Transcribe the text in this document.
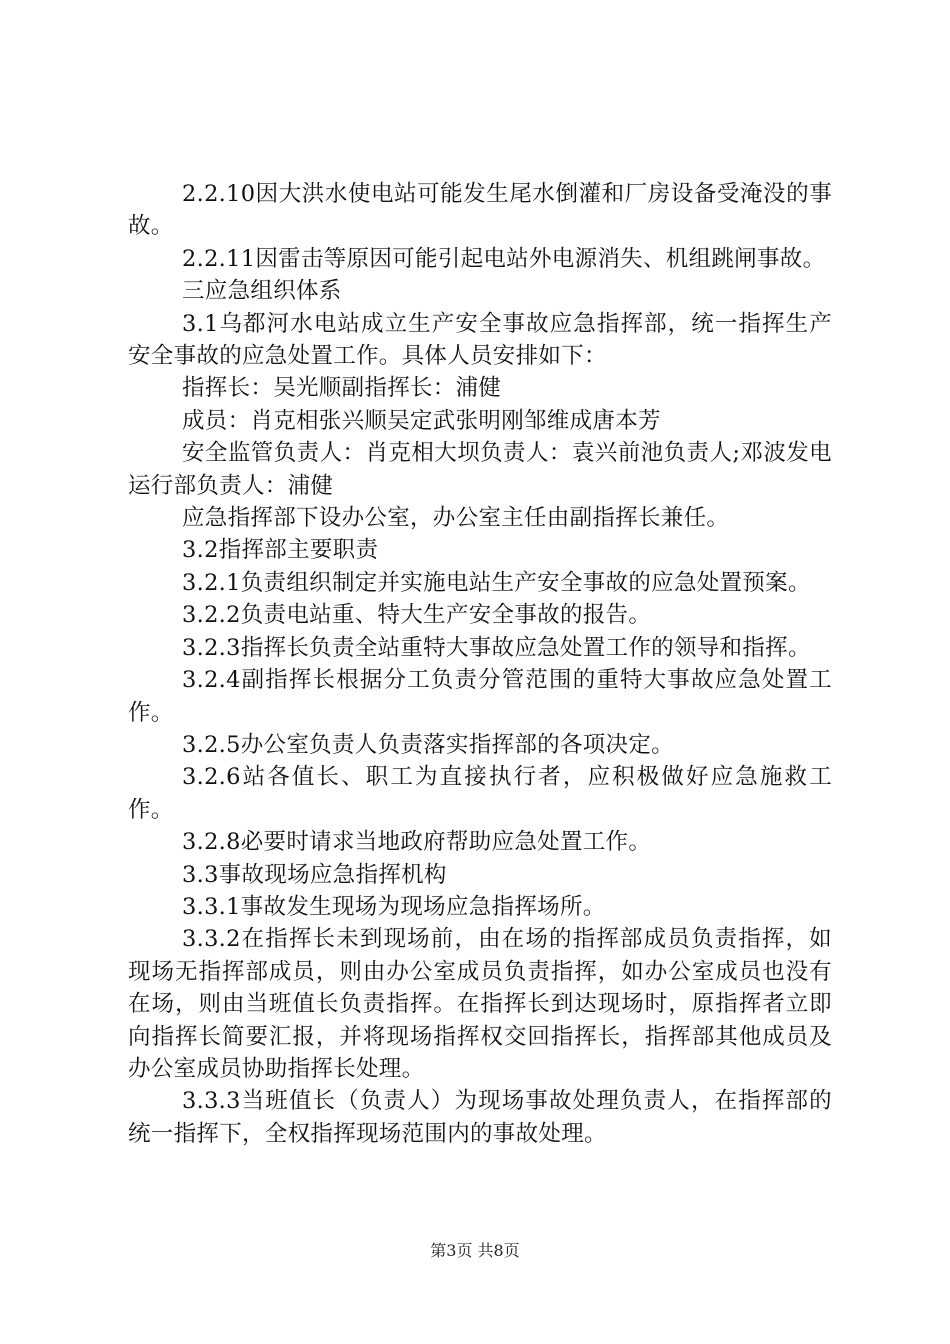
2.2.10因大洪水使电站可能发生尾水倒灌和厂房设备受淹没的事故。

2.2.11因雷击等原因可能引起电站外电源消失、机组跳闸事故。

三应急组织体系

3.1乌都河水电站成立生产安全事故应急指挥部，统一指挥生产安全事故的应急处置工作。具体人员安排如下：

指挥长：吴光顺副指挥长：浦健

成员：肖克相张兴顺吴定武张明刚邹维成唐本芳

安全监管负责人：肖克相大坝负责人：袁兴前池负责人;邓波发电运行部负责人：浦健

应急指挥部下设办公室，办公室主任由副指挥长兼任。

3.2指挥部主要职责

3.2.1负责组织制定并实施电站生产安全事故的应急处置预案。

3.2.2负责电站重、特大生产安全事故的报告。

3.2.3指挥长负责全站重特大事故应急处置工作的领导和指挥。

3.2.4副指挥长根据分工负责分管范围的重特大事故应急处置工作。

3.2.5办公室负责人负责落实指挥部的各项决定。

3.2.6站各值长、职工为直接执行者，应积极做好应急施救工作。

3.2.8必要时请求当地政府帮助应急处置工作。

3.3事故现场应急指挥机构

3.3.1事故发生现场为现场应急指挥场所。

3.3.2在指挥长未到现场前，由在场的指挥部成员负责指挥，如现场无指挥部成员，则由办公室成员负责指挥，如办公室成员也没有在场，则由当班值长负责指挥。在指挥长到达现场时，原指挥者立即向指挥长简要汇报，并将现场指挥权交回指挥长，指挥部其他成员及办公室成员协助指挥长处理。

3.3.3当班值长（负责人）为现场事故处理负责人，在指挥部的统一指挥下，全权指挥现场范围内的事故处理。

第3页 共8页
